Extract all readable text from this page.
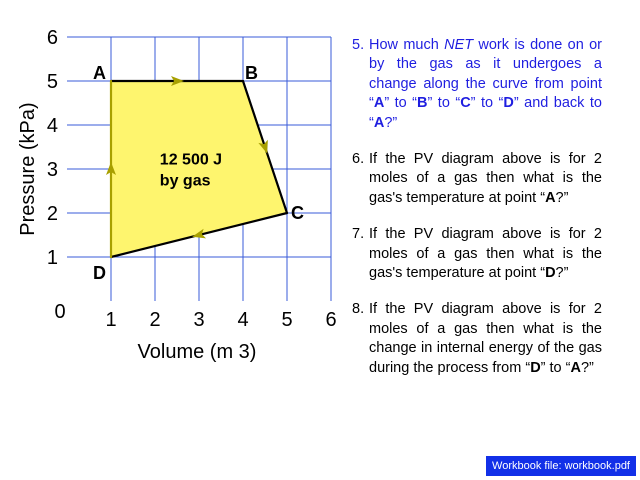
A	B
C
D
1 2 3 4 5 6
0
1
2
3
4
5
6
Volume (m 3)
Pressure (kPa)	12 500 J
by gas
5. How much NET work is done on or by the gas as it undergoes a change along the curve from point “A” to “B” to “C” to “D” and back to “A?”
6. If the PV diagram above is for 2 moles of a gas then what is the gas's temperature at point “A?”
7. If the PV diagram above is for 2 moles of a gas then what is the gas's temperature at point “D?”
8. If the PV diagram above is for 2 moles of a gas then what is the change in internal energy of the gas during the process from “D” to “A?”
Workbook file: workbook.pdf
